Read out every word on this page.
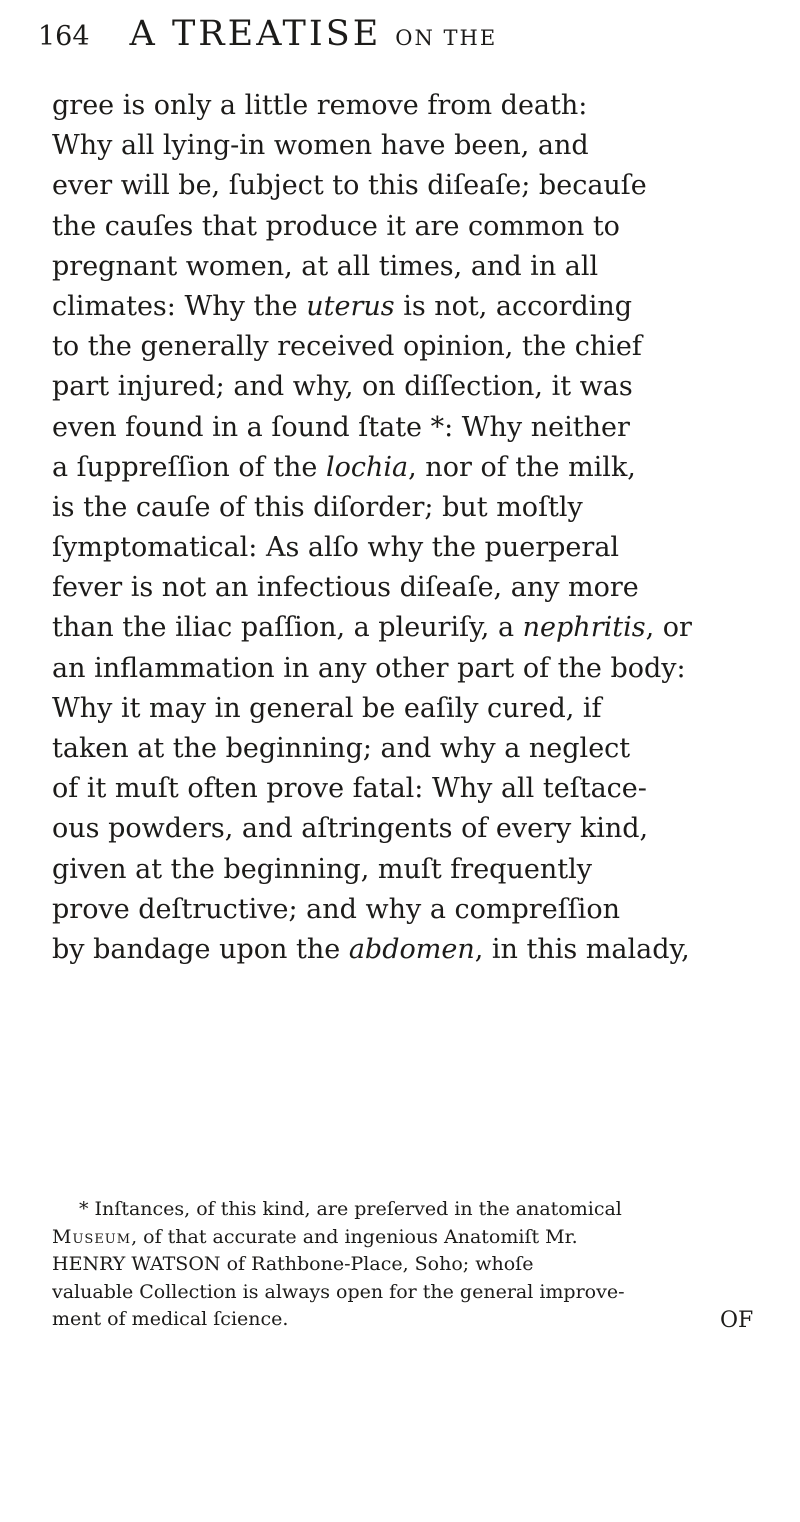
164 A TREATISE ON THE
gree is only a little remove from death:
Why all lying-in women have been, and
ever will be, ſubject to this diſeaſe; becauſe
the cauſes that produce it are common to
pregnant women, at all times, and in all
climates: Why the uterus is not, according
to the generally received opinion, the chief
part injured; and why, on diſſection, it was
even found in a ſound ſtate *: Why neither
a ſuppreſſion of the lochia, nor of the milk,
is the cauſe of this diſorder; but moſtly
ſymptomatical: As alſo why the puerperal
fever is not an infectious diſeaſe, any more
than the iliac paſſion, a pleuriſy, a nephritis, or
an inflammation in any other part of the body:
Why it may in general be eaſily cured, if
taken at the beginning; and why a neglect
of it muſt often prove fatal: Why all teſtace-
ous powders, and aſtringents of every kind,
given at the beginning, muſt frequently
prove deſtructive; and why a compreſſion
by bandage upon the abdomen, in this malady,
* Inſtances, of this kind, are preſerved in the anatomical
Museum, of that accurate and ingenious Anatomiſt Mr.
HENRY WATSON of Rathbone-Place, Soho; whoſe
valuable Collection is always open for the general improve-
ment of medical ſcience.	OF
